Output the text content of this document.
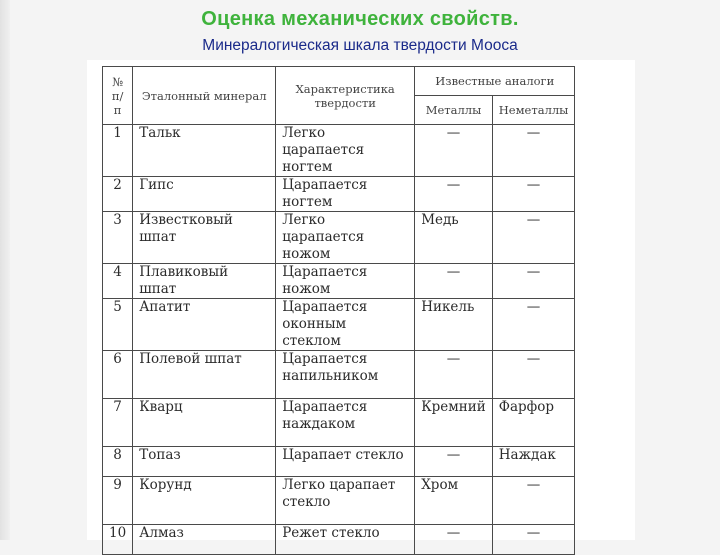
Оценка механических свойств.
Минералогическая шкала твердости Мооса
№ п/п	Эталонный минерал	Характеристика твердости	Известные аналоги	
			Металлы	Неметаллы
1	Тальк	Легко царапается ногтем	—	—
2	Гипс	Царапается ногтем	—	—
3	Известковый шпат	Легко царапается ножом	Медь	—
4	Плавиковый шпат	Царапается ножом	—	—
5	Апатит	Царапается оконным стеклом	Никель	—
6	Полевой шпат	Царапается напильником	—	—
7	Кварц	Царапается наждаком	Кремний	Фарфор
8	Топаз	Царапает стекло	—	Наждак
9	Корунд	Легко царапает стекло	Хром	—
10	Алмаз	Режет стекло	—	—
